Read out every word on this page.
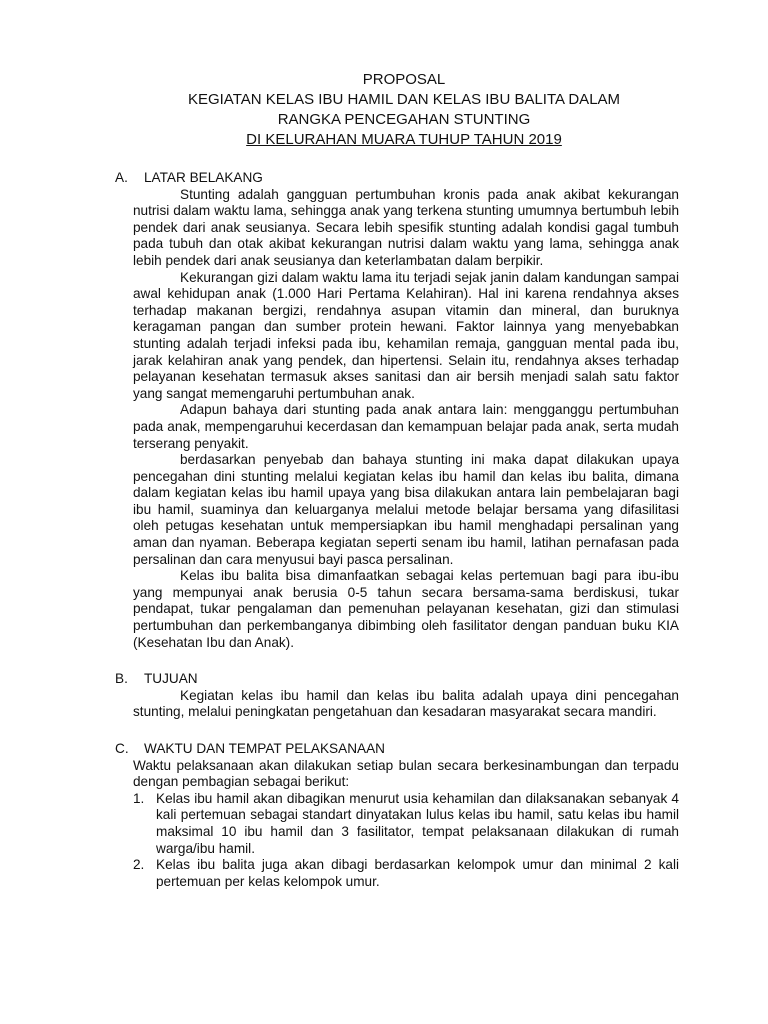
PROPOSAL

KEGIATAN KELAS IBU HAMIL DAN KELAS IBU BALITA DALAM

RANGKA PENCEGAHAN STUNTING

DI KELURAHAN MUARA TUHUP TAHUN 2019

A.	LATAR BELAKANG

Stunting adalah gangguan pertumbuhan kronis pada anak akibat kekurangan nutrisi dalam waktu lama, sehingga anak yang terkena stunting umumnya bertumbuh lebih pendek dari anak seusianya. Secara lebih spesifik stunting adalah kondisi gagal tumbuh pada tubuh dan otak akibat kekurangan nutrisi dalam waktu yang lama, sehingga anak lebih pendek dari anak seusianya dan keterlambatan dalam berpikir.

Kekurangan gizi dalam waktu lama itu terjadi sejak janin dalam kandungan sampai awal kehidupan anak (1.000 Hari Pertama Kelahiran). Hal ini karena rendahnya akses terhadap makanan bergizi, rendahnya asupan vitamin dan mineral, dan buruknya keragaman pangan dan sumber protein hewani. Faktor lainnya yang menyebabkan stunting adalah terjadi infeksi pada ibu, kehamilan remaja, gangguan mental pada ibu, jarak kelahiran anak yang pendek, dan hipertensi. Selain itu, rendahnya akses terhadap pelayanan kesehatan termasuk akses sanitasi dan air bersih menjadi salah satu faktor yang sangat memengaruhi pertumbuhan anak.

Adapun bahaya dari stunting pada anak antara lain: mengganggu pertumbuhan pada anak, mempengaruhui kecerdasan dan kemampuan belajar pada anak, serta mudah terserang penyakit.

berdasarkan penyebab dan bahaya stunting ini maka dapat dilakukan upaya pencegahan dini stunting melalui kegiatan kelas ibu hamil dan kelas ibu balita, dimana dalam kegiatan kelas ibu hamil upaya yang bisa dilakukan antara lain pembelajaran bagi ibu hamil, suaminya dan keluarganya melalui metode belajar bersama yang difasilitasi oleh petugas kesehatan untuk mempersiapkan ibu hamil menghadapi persalinan yang aman dan nyaman. Beberapa kegiatan seperti senam ibu hamil, latihan pernafasan pada persalinan dan cara menyusui bayi pasca persalinan.

Kelas ibu balita bisa dimanfaatkan sebagai kelas pertemuan bagi para ibu-ibu yang mempunyai anak berusia 0-5 tahun secara bersama-sama berdiskusi, tukar pendapat, tukar pengalaman dan pemenuhan pelayanan kesehatan, gizi dan stimulasi pertumbuhan dan perkembanganya dibimbing oleh fasilitator dengan panduan buku KIA (Kesehatan Ibu dan Anak).

B.	TUJUAN

Kegiatan kelas ibu hamil dan kelas ibu balita adalah upaya dini pencegahan stunting, melalui peningkatan pengetahuan dan kesadaran masyarakat secara mandiri.

C.	WAKTU DAN TEMPAT PELAKSANAAN

Waktu pelaksanaan akan dilakukan setiap bulan secara berkesinambungan dan terpadu dengan pembagian sebagai berikut:

1. Kelas ibu hamil akan dibagikan menurut usia kehamilan dan dilaksanakan sebanyak 4 kali pertemuan sebagai standart dinyatakan lulus kelas ibu hamil, satu kelas ibu hamil maksimal 10 ibu hamil dan 3 fasilitator, tempat pelaksanaan dilakukan di rumah warga/ibu hamil.
2. Kelas ibu balita juga akan dibagi berdasarkan kelompok umur dan minimal 2 kali pertemuan per kelas kelompok umur.
